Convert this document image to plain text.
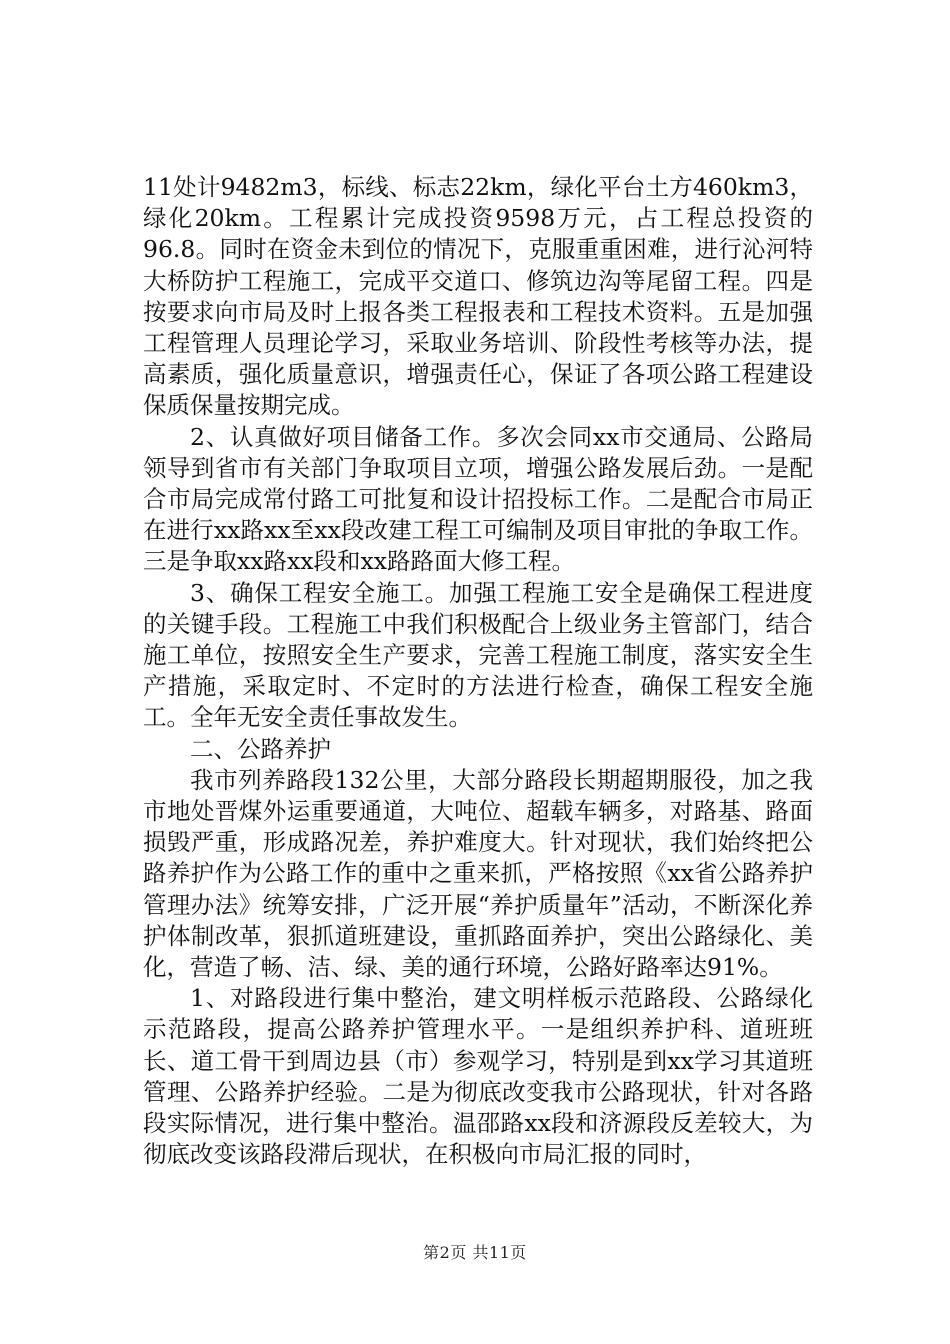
11处计9482m3，标线、标志22km，绿化平台土方460km3，绿化20km。工程累计完成投资9598万元，占工程总投资的96.8。同时在资金未到位的情况下，克服重重困难，进行沁河特大桥防护工程施工，完成平交道口、修筑边沟等尾留工程。四是按要求向市局及时上报各类工程报表和工程技术资料。五是加强工程管理人员理论学习，采取业务培训、阶段性考核等办法，提高素质，强化质量意识，增强责任心，保证了各项公路工程建设保质保量按期完成。

2、认真做好项目储备工作。多次会同xx市交通局、公路局领导到省市有关部门争取项目立项，增强公路发展后劲。一是配合市局完成常付路工可批复和设计招投标工作。二是配合市局正在进行xx路xx至xx段改建工程工可编制及项目审批的争取工作。三是争取xx路xx段和xx路路面大修工程。

3、确保工程安全施工。加强工程施工安全是确保工程进度的关键手段。工程施工中我们积极配合上级业务主管部门，结合施工单位，按照安全生产要求，完善工程施工制度，落实安全生产措施，采取定时、不定时的方法进行检查，确保工程安全施工。全年无安全责任事故发生。

二、公路养护

我市列养路段132公里，大部分路段长期超期服役，加之我市地处晋煤外运重要通道，大吨位、超载车辆多，对路基、路面损毁严重，形成路况差，养护难度大。针对现状，我们始终把公路养护作为公路工作的重中之重来抓，严格按照《xx省公路养护管理办法》统筹安排，广泛开展“养护质量年”活动，不断深化养护体制改革，狠抓道班建设，重抓路面养护，突出公路绿化、美化，营造了畅、洁、绿、美的通行环境，公路好路率达91%。

1、对路段进行集中整治，建文明样板示范路段、公路绿化示范路段，提高公路养护管理水平。一是组织养护科、道班班长、道工骨干到周边县（市）参观学习，特别是到xx学习其道班管理、公路养护经验。二是为彻底改变我市公路现状，针对各路段实际情况，进行集中整治。温邵路xx段和济源段反差较大，为彻底改变该路段滞后现状，在积极向市局汇报的同时，

第2页 共11页
